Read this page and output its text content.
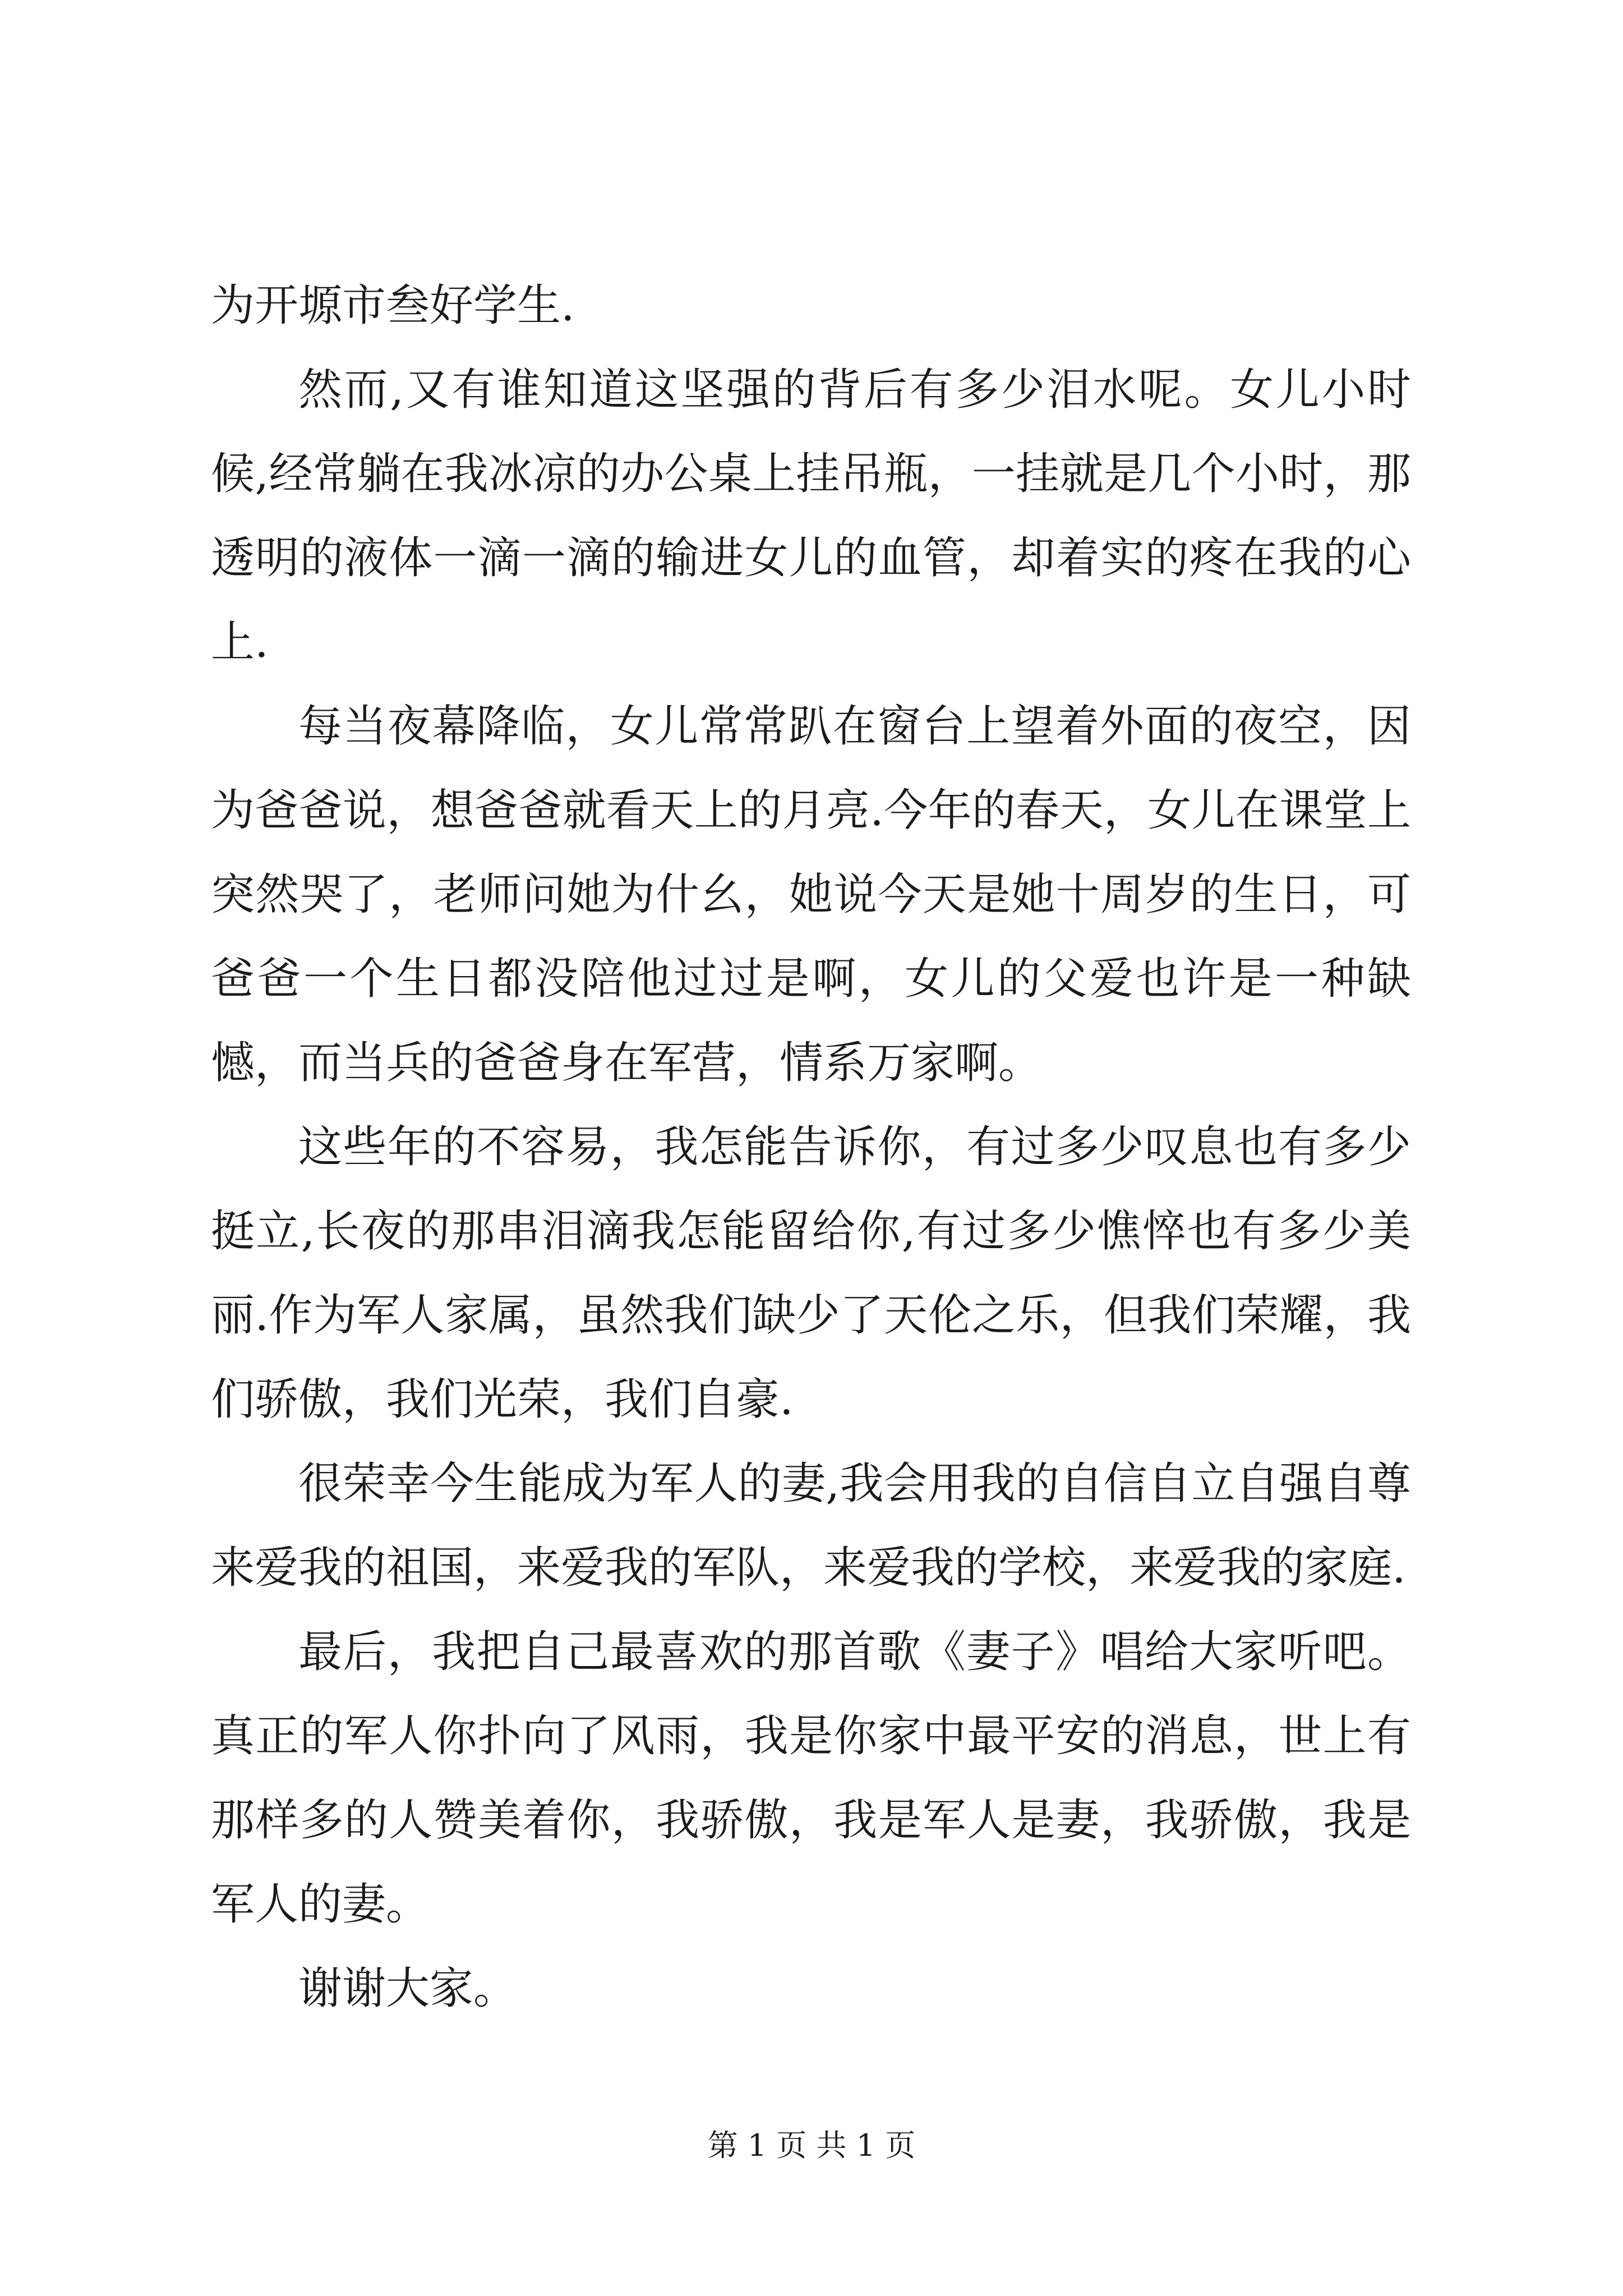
为开塬市叁好学生.

然而,又有谁知道这坚强的背后有多少泪水呢。女儿小时候,经常躺在我冰凉的办公桌上挂吊瓶，一挂就是几个小时，那透明的液体一滴一滴的输进女儿的血管，却着实的疼在我的心上.

每当夜幕降临，女儿常常趴在窗台上望着外面的夜空，因为爸爸说，想爸爸就看天上的月亮.今年的春天，女儿在课堂上突然哭了，老师问她为什幺，她说今天是她十周岁的生日，可爸爸一个生日都没陪他过过是啊，女儿的父爱也许是一种缺憾，而当兵的爸爸身在军营，情系万家啊。

这些年的不容易，我怎能告诉你，有过多少叹息也有多少挺立,长夜的那串泪滴我怎能留给你,有过多少憔悴也有多少美丽.作为军人家属，虽然我们缺少了天伦之乐，但我们荣耀，我们骄傲，我们光荣，我们自豪.

很荣幸今生能成为军人的妻,我会用我的自信自立自强自尊来爱我的祖国，来爱我的军队，来爱我的学校，来爱我的家庭.

最后，我把自己最喜欢的那首歌《妻子》唱给大家听吧。真正的军人你扑向了风雨，我是你家中最平安的消息，世上有那样多的人赞美着你，我骄傲，我是军人是妻，我骄傲，我是军人的妻。

谢谢大家。

第 1 页 共 1 页
